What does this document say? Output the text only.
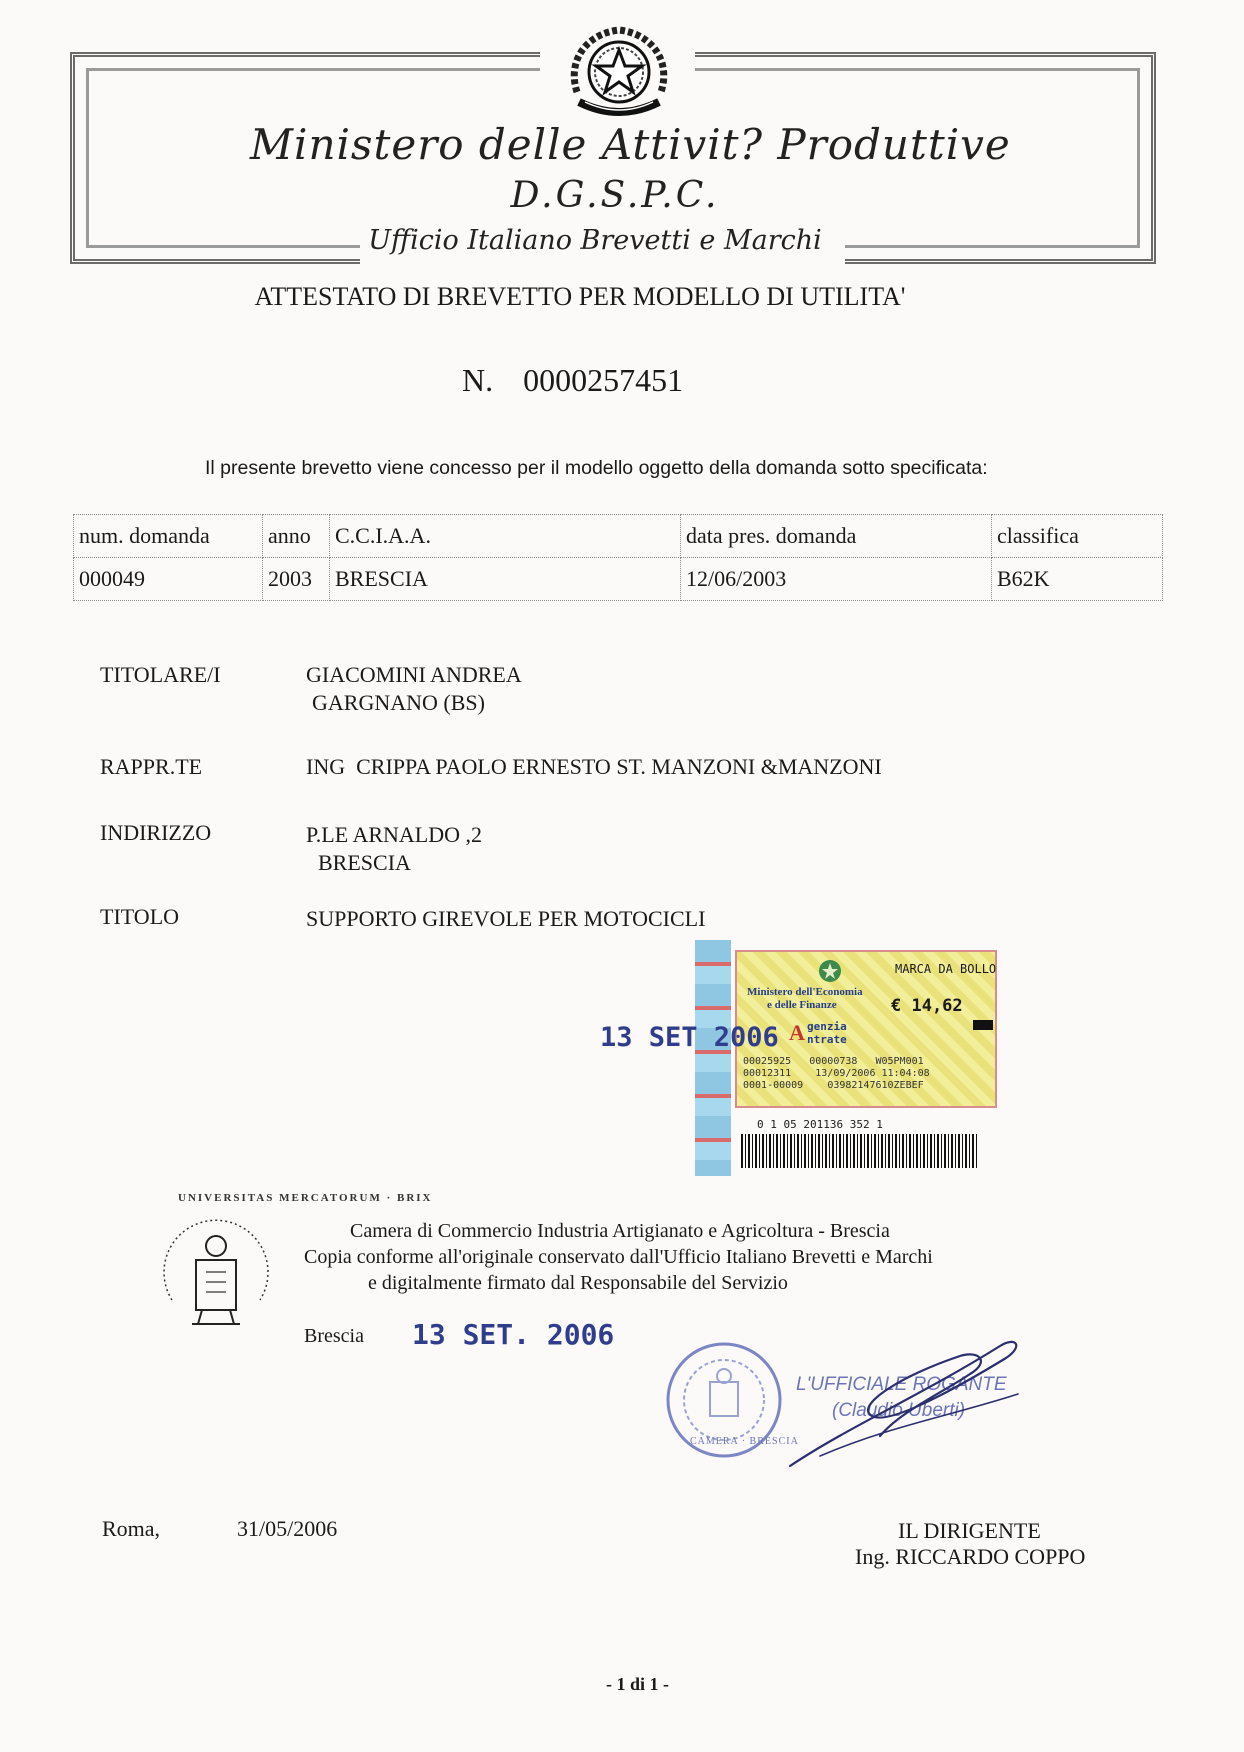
Ministero delle Attivit? Produttive
D.G.S.P.C.
Ufficio Italiano Brevetti e Marchi
ATTESTATO DI BREVETTO PER MODELLO DI UTILITA'
N. 0000257451
Il presente brevetto viene concesso per il modello oggetto della domanda sotto specificata:
num. domanda	anno	C.C.I.A.A.	data pres. domanda	classifica
000049	2003	BRESCIA	12/06/2003	B62K
TITOLARE/I	GIACOMINI ANDREA
GARGNANO (BS)
RAPPR.TE	ING  CRIPPA PAOLO ERNESTO ST. MANZONI &MANZONI
INDIRIZZO	P.LE ARNALDO ,2
BRESCIA
TITOLO	SUPPORTO GIREVOLE PER MOTOCICLI
MARCA DA BOLLO
Ministero dell'Economia
e delle Finanze	€ 14,62
A genzia
ntrate
00025925 00000738 W05PM001
00012311 13/09/2006 11:04:08
0001-00009 03982147610ZEBEF
0 1 05 201136 352 1
13 SET 2006
UNIVERSITAS MERCATORUM · BRIX
Camera di Commercio Industria Artigianato e Agricoltura - Brescia
Copia conforme all'originale conservato dall'Ufficio Italiano Brevetti e Marchi
e digitalmente firmato dal Responsabile del Servizio
Brescia 13 SET. 2006
CAMERA · BRESCIA
L'UFFICIALE ROGANTE
(Claudio Uberti)
Roma,	31/05/2006	IL DIRIGENTE
Ing. RICCARDO COPPO
- 1 di 1 -
